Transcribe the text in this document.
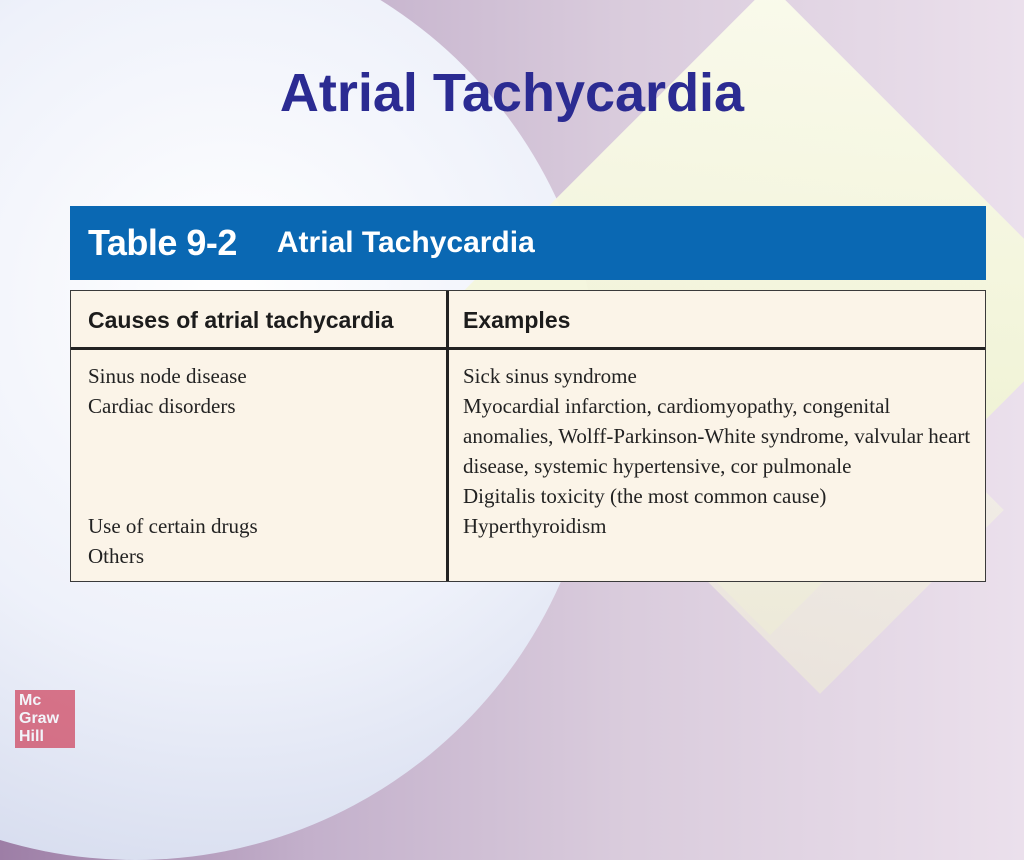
Atrial Tachycardia
Table 9-2 Atrial Tachycardia
Causes of atrial tachycardia	Examples
Sinus node disease
Cardiac disorders
Use of certain drugs
Others
Sick sinus syndrome
Myocardial infarction, cardiomyopathy, congenital anomalies, Wolff-Parkinson-White syndrome, valvular heart disease, systemic hypertensive, cor pulmonale
Digitalis toxicity (the most common cause)
Hyperthyroidism
Mc
Graw
Hill
